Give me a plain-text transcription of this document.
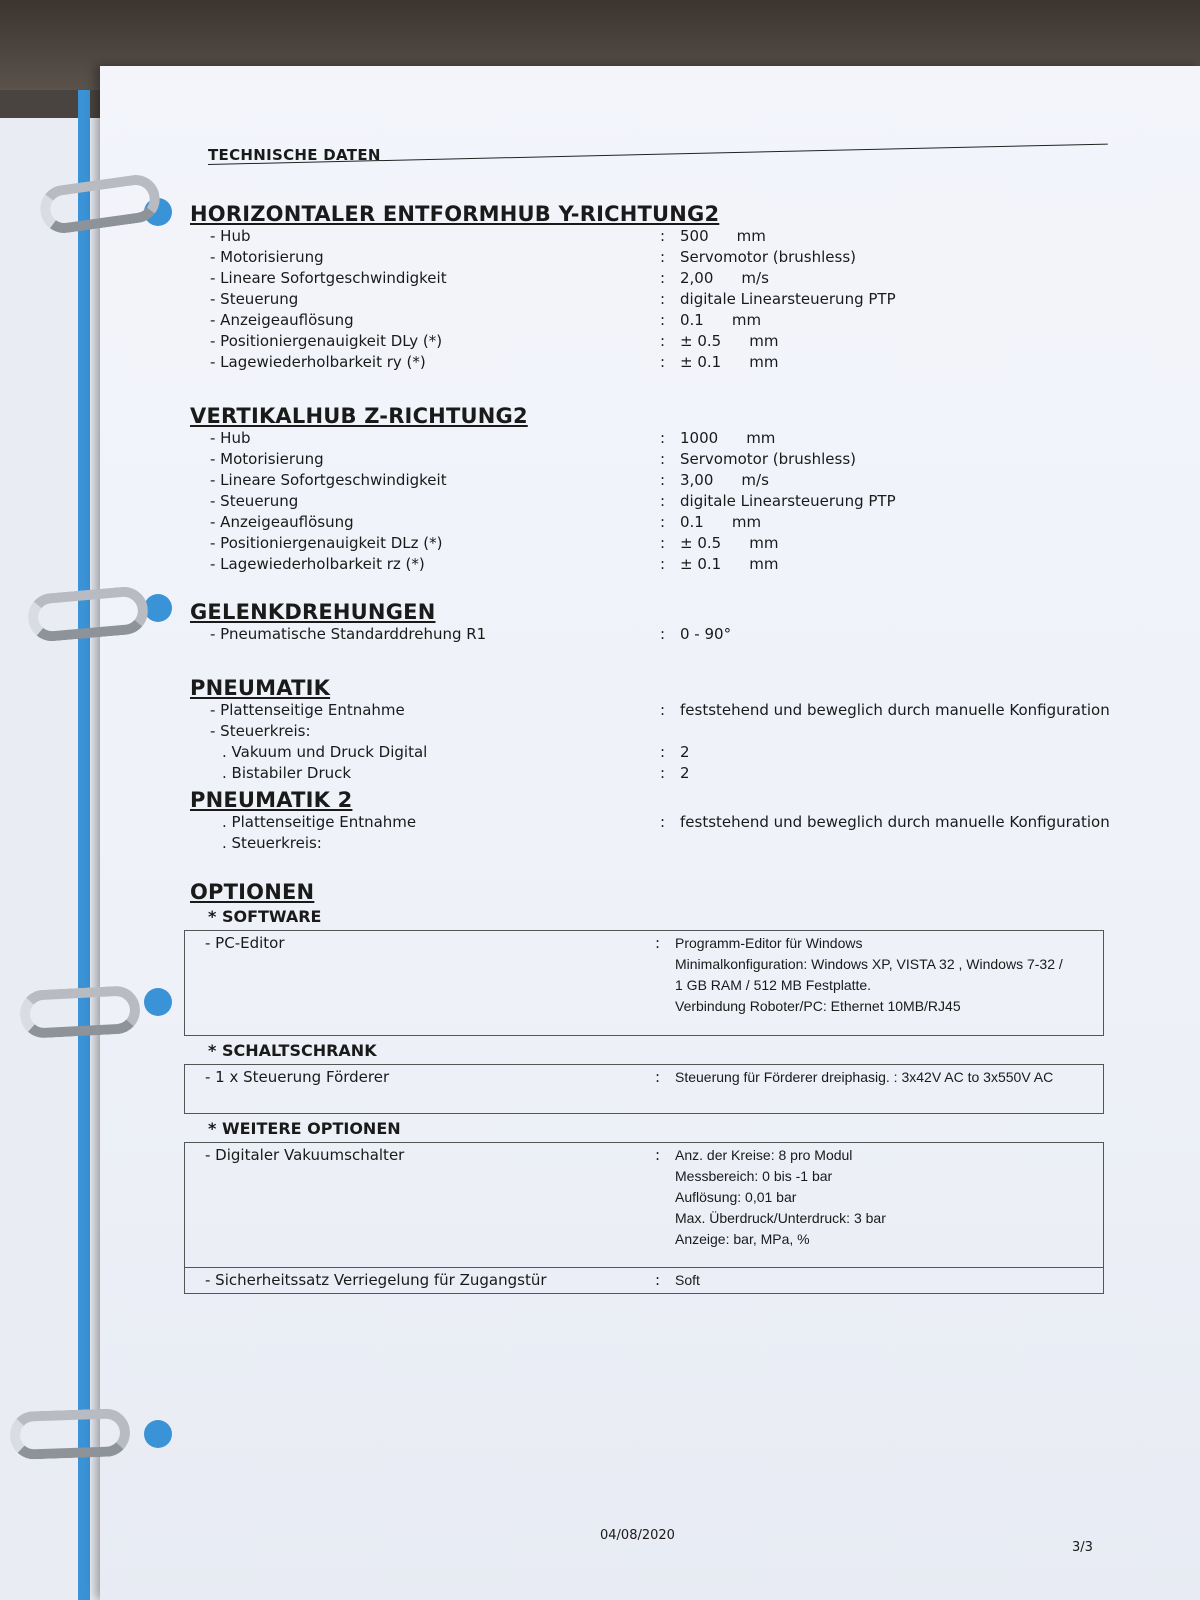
TECHNISCHE DATEN
HORIZONTALER ENTFORMHUB Y-RICHTUNG2
- Hub	: 500 mm
- Motorisierung	: Servomotor (brushless)
- Lineare Sofortgeschwindigkeit	: 2,00 m/s
- Steuerung	: digitale Linearsteuerung PTP
- Anzeigeauflösung	: 0.1 mm
- Positioniergenauigkeit DLy (*)	: ± 0.5 mm
- Lagewiederholbarkeit ry (*)	: ± 0.1 mm
VERTIKALHUB Z-RICHTUNG2
- Hub	: 1000 mm
- Motorisierung	: Servomotor (brushless)
- Lineare Sofortgeschwindigkeit	: 3,00 m/s
- Steuerung	: digitale Linearsteuerung PTP
- Anzeigeauflösung	: 0.1 mm
- Positioniergenauigkeit DLz (*)	: ± 0.5 mm
- Lagewiederholbarkeit rz (*)	: ± 0.1 mm
GELENKDREHUNGEN
- Pneumatische Standarddrehung R1	: 0 - 90°
PNEUMATIK
- Plattenseitige Entnahme	: feststehend und beweglich durch manuelle Konfiguration
- Steuerkreis:
. Vakuum und Druck Digital	: 2
. Bistabiler Druck	: 2
PNEUMATIK 2
. Plattenseitige Entnahme	: feststehend und beweglich durch manuelle Konfiguration
. Steuerkreis:
OPTIONEN
* SOFTWARE
- PC-Editor	:	Programm-Editor für Windows
Minimalkonfiguration: Windows XP, VISTA 32 , Windows 7-32 /
1 GB RAM / 512 MB Festplatte.
Verbindung Roboter/PC: Ethernet 10MB/RJ45
* SCHALTSCHRANK
- 1 x Steuerung Förderer	:	Steuerung für Förderer dreiphasig. : 3x42V AC to 3x550V AC
* WEITERE OPTIONEN
- Digitaler Vakuumschalter	:	Anz. der Kreise: 8 pro Modul
Messbereich: 0 bis -1 bar
Auflösung: 0,01 bar
Max. Überdruck/Unterdruck: 3 bar
Anzeige: bar, MPa, %
- Sicherheitssatz Verriegelung für Zugangstür	:	Soft
04/08/2020
3/3
